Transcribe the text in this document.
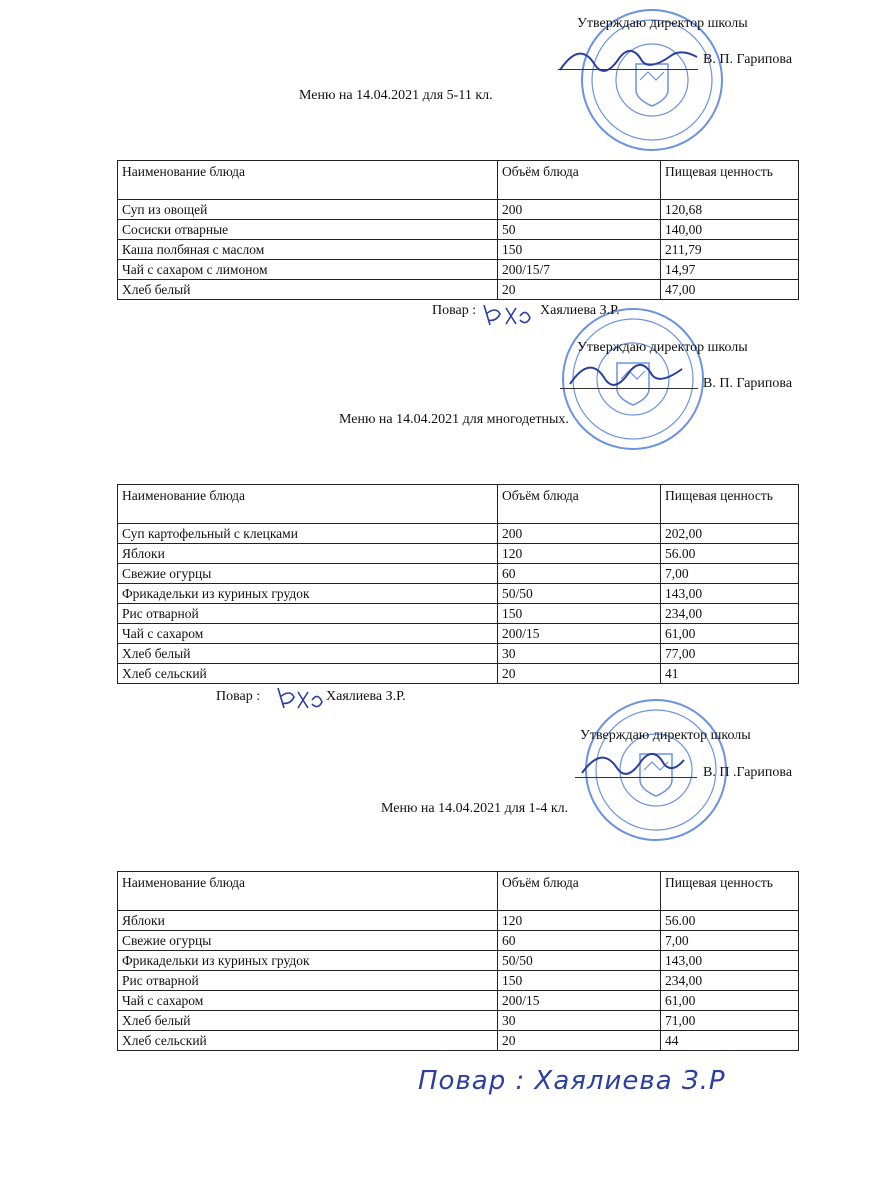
Утверждаю директор школы
В. П. Гарипова
Меню на 14.04.2021 для 5-11 кл.
Наименование блюда	Объём блюда	Пищевая ценность
Суп из овощей	200	120,68
Сосиски отварные	50	140,00
Каша полбяная с маслом	150	211,79
Чай с сахаром с лимоном	200/15/7	14,97
Хлеб белый	20	47,00
Повар :	Хаялиева З.Р.
Утверждаю директор школы
В. П. Гарипова
Меню на 14.04.2021 для многодетных.
Наименование блюда	Объём блюда	Пищевая ценность
Суп картофельный с клецками	200	202,00
Яблоки	120	56.00
Свежие огурцы	60	7,00
Фрикадельки из куриных грудок	50/50	143,00
Рис отварной	150	234,00
Чай с сахаром	200/15	61,00
Хлеб белый	30	77,00
Хлеб сельский	20	41
Повар :	Хаялиева З.Р.
Утверждаю директор школы
В. П .Гарипова
Меню на 14.04.2021 для 1-4 кл.
Наименование блюда	Объём блюда	Пищевая ценность
Яблоки	120	56.00
Свежие огурцы	60	7,00
Фрикадельки из куриных грудок	50/50	143,00
Рис отварной	150	234,00
Чай с сахаром	200/15	61,00
Хлеб белый	30	71,00
Хлеб сельский	20	44
Повар : Хаялиева З.Р
